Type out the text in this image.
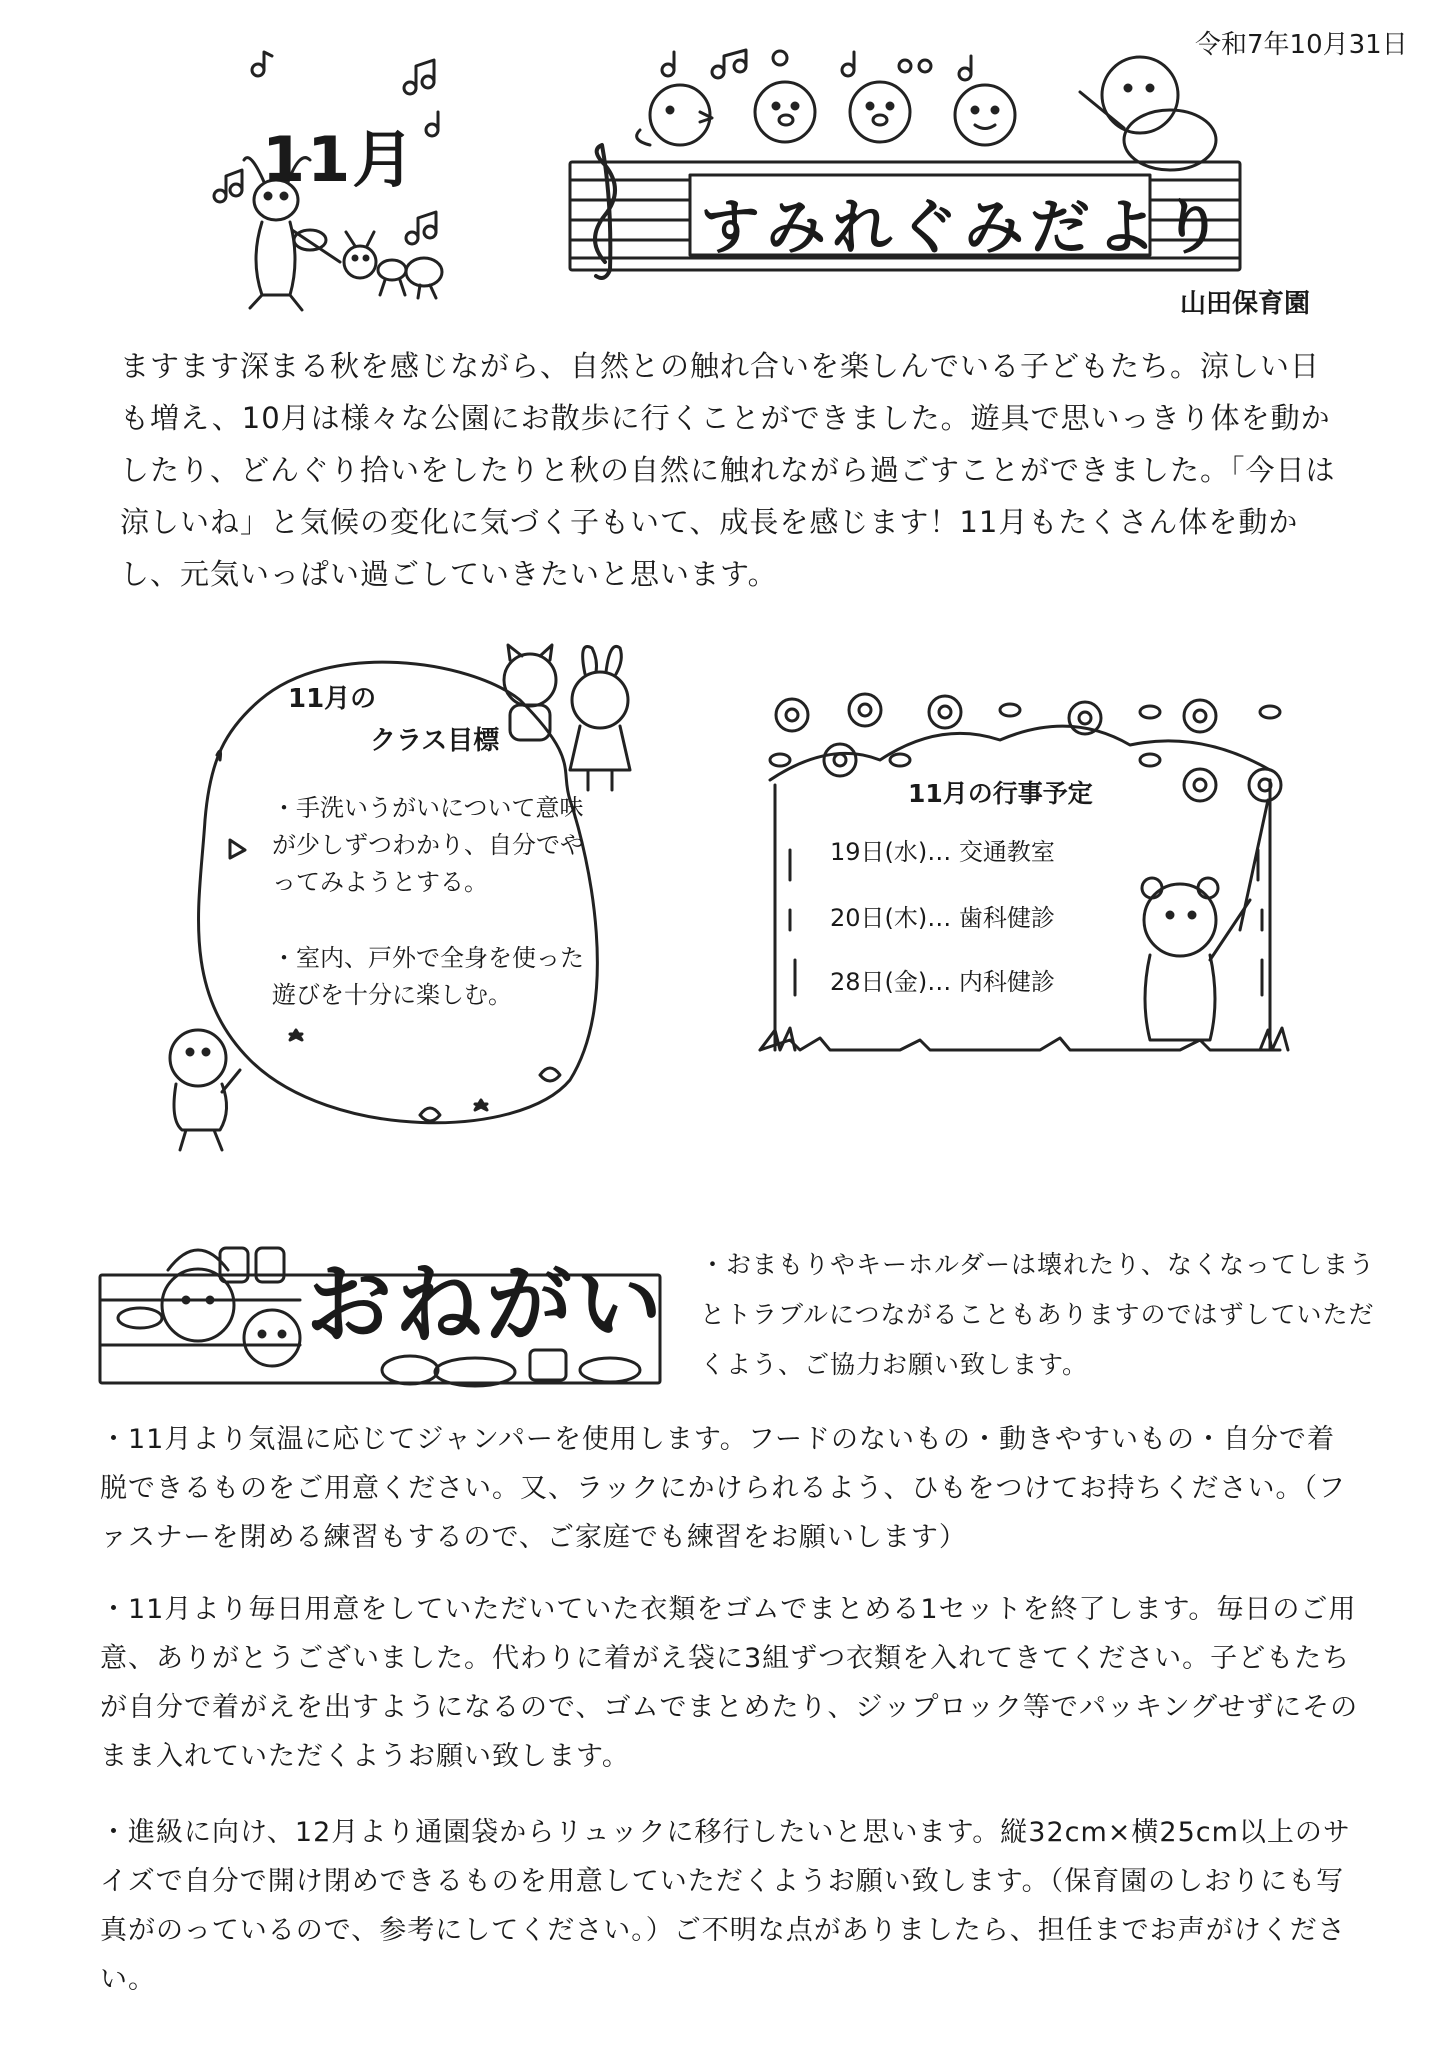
令和7年10月31日
11月
すみれぐみだより
山田保育園
ますます深まる秋を感じながら、自然との触れ合いを楽しんでいる子どもたち。涼しい日も増え、10月は様々な公園にお散歩に行くことができました。遊具で思いっきり体を動かしたり、どんぐり拾いをしたりと秋の自然に触れながら過ごすことができました。「今日は涼しいね」と気候の変化に気づく子もいて、成長を感じます！11月もたくさん体を動かし、元気いっぱい過ごしていきたいと思います。
11月の
クラス目標
・手洗いうがいについて意味が少しずつわかり、自分でやってみようとする。
・室内、戸外で全身を使った遊びを十分に楽しむ。
11月の行事予定
19日(水)… 交通教室
20日(木)… 歯科健診
28日(金)… 内科健診
おねがい ・おまもりやキーホルダーは壊れたり、なくなってしまうとトラブルにつながることもありますのではずしていただくよう、ご協力お願い致します。
・11月より気温に応じてジャンパーを使用します。フードのないもの・動きやすいもの・自分で着脱できるものをご用意ください。又、ラックにかけられるよう、ひもをつけてお持ちください。（ファスナーを閉める練習もするので、ご家庭でも練習をお願いします）
・11月より毎日用意をしていただいていた衣類をゴムでまとめる1セットを終了します。毎日のご用意、ありがとうございました。代わりに着がえ袋に3組ずつ衣類を入れてきてください。子どもたちが自分で着がえを出すようになるので、ゴムでまとめたり、ジップロック等でパッキングせずにそのまま入れていただくようお願い致します。
・進級に向け、12月より通園袋からリュックに移行したいと思います。縦32cm×横25cm以上のサイズで自分で開け閉めできるものを用意していただくようお願い致します。（保育園のしおりにも写真がのっているので、参考にしてください。）ご不明な点がありましたら、担任までお声がけください。
